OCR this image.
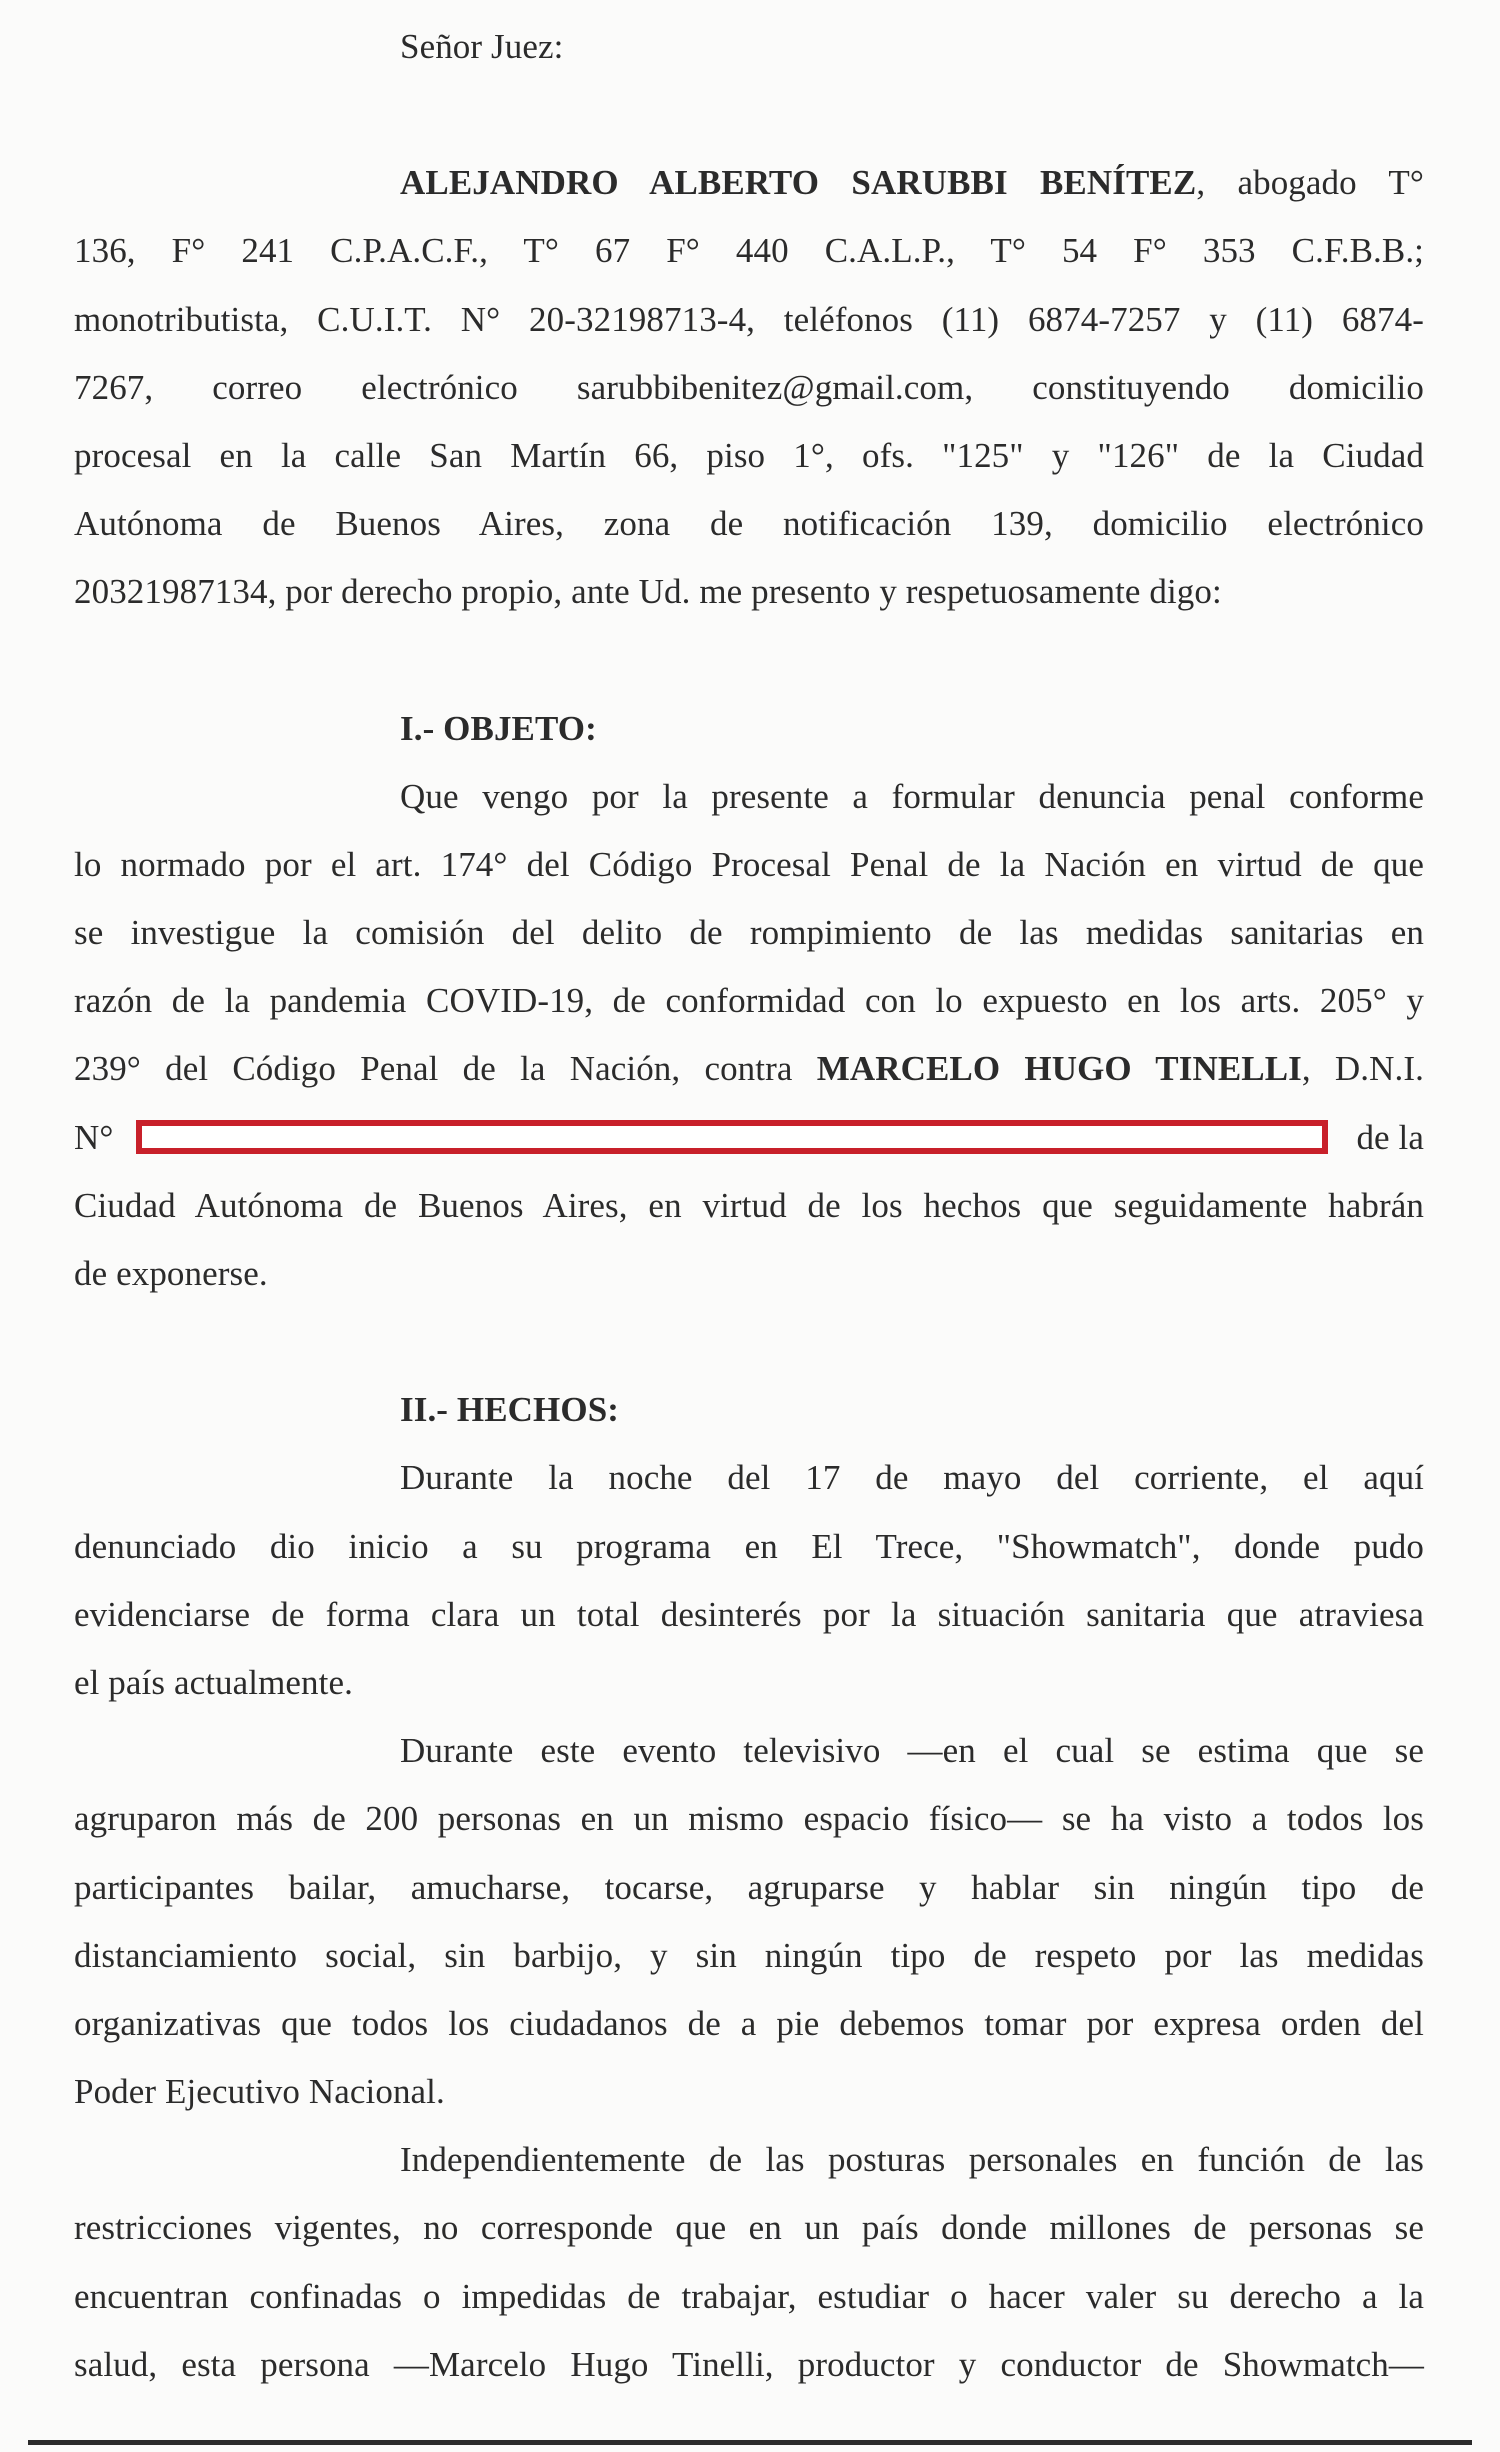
Señor Juez:
ALEJANDRO ALBERTO SARUBBI BENÍTEZ, abogado T°
136, F° 241 C.P.A.C.F., T° 67 F° 440 C.A.L.P., T° 54 F° 353 C.F.B.B.;
monotributista, C.U.I.T. N° 20-32198713-4, teléfonos (11) 6874-7257 y (11) 6874-
7267, correo electrónico sarubbibenitez@gmail.com, constituyendo domicilio
procesal en la calle San Martín 66, piso 1°, ofs. "125" y "126" de la Ciudad
Autónoma de Buenos Aires, zona de notificación 139, domicilio electrónico
20321987134, por derecho propio, ante Ud. me presento y respetuosamente digo:
I.- OBJETO:
Que vengo por la presente a formular denuncia penal conforme
lo normado por el art. 174° del Código Procesal Penal de la Nación en virtud de que
se investigue la comisión del delito de rompimiento de las medidas sanitarias en
razón de la pandemia COVID-19, de conformidad con lo expuesto en los arts. 205° y
239° del Código Penal de la Nación, contra MARCELO HUGO TINELLI, D.N.I.
N°	de la
Ciudad Autónoma de Buenos Aires, en virtud de los hechos que seguidamente habrán
de exponerse.
II.- HECHOS:
Durante la noche del 17 de mayo del corriente, el aquí
denunciado dio inicio a su programa en El Trece, "Showmatch", donde pudo
evidenciarse de forma clara un total desinterés por la situación sanitaria que atraviesa
el país actualmente.
Durante este evento televisivo —en el cual se estima que se
agruparon más de 200 personas en un mismo espacio físico— se ha visto a todos los
participantes bailar, amucharse, tocarse, agruparse y hablar sin ningún tipo de
distanciamiento social, sin barbijo, y sin ningún tipo de respeto por las medidas
organizativas que todos los ciudadanos de a pie debemos tomar por expresa orden del
Poder Ejecutivo Nacional.
Independientemente de las posturas personales en función de las
restricciones vigentes, no corresponde que en un país donde millones de personas se
encuentran confinadas o impedidas de trabajar, estudiar o hacer valer su derecho a la
salud, esta persona —Marcelo Hugo Tinelli, productor y conductor de Showmatch—
